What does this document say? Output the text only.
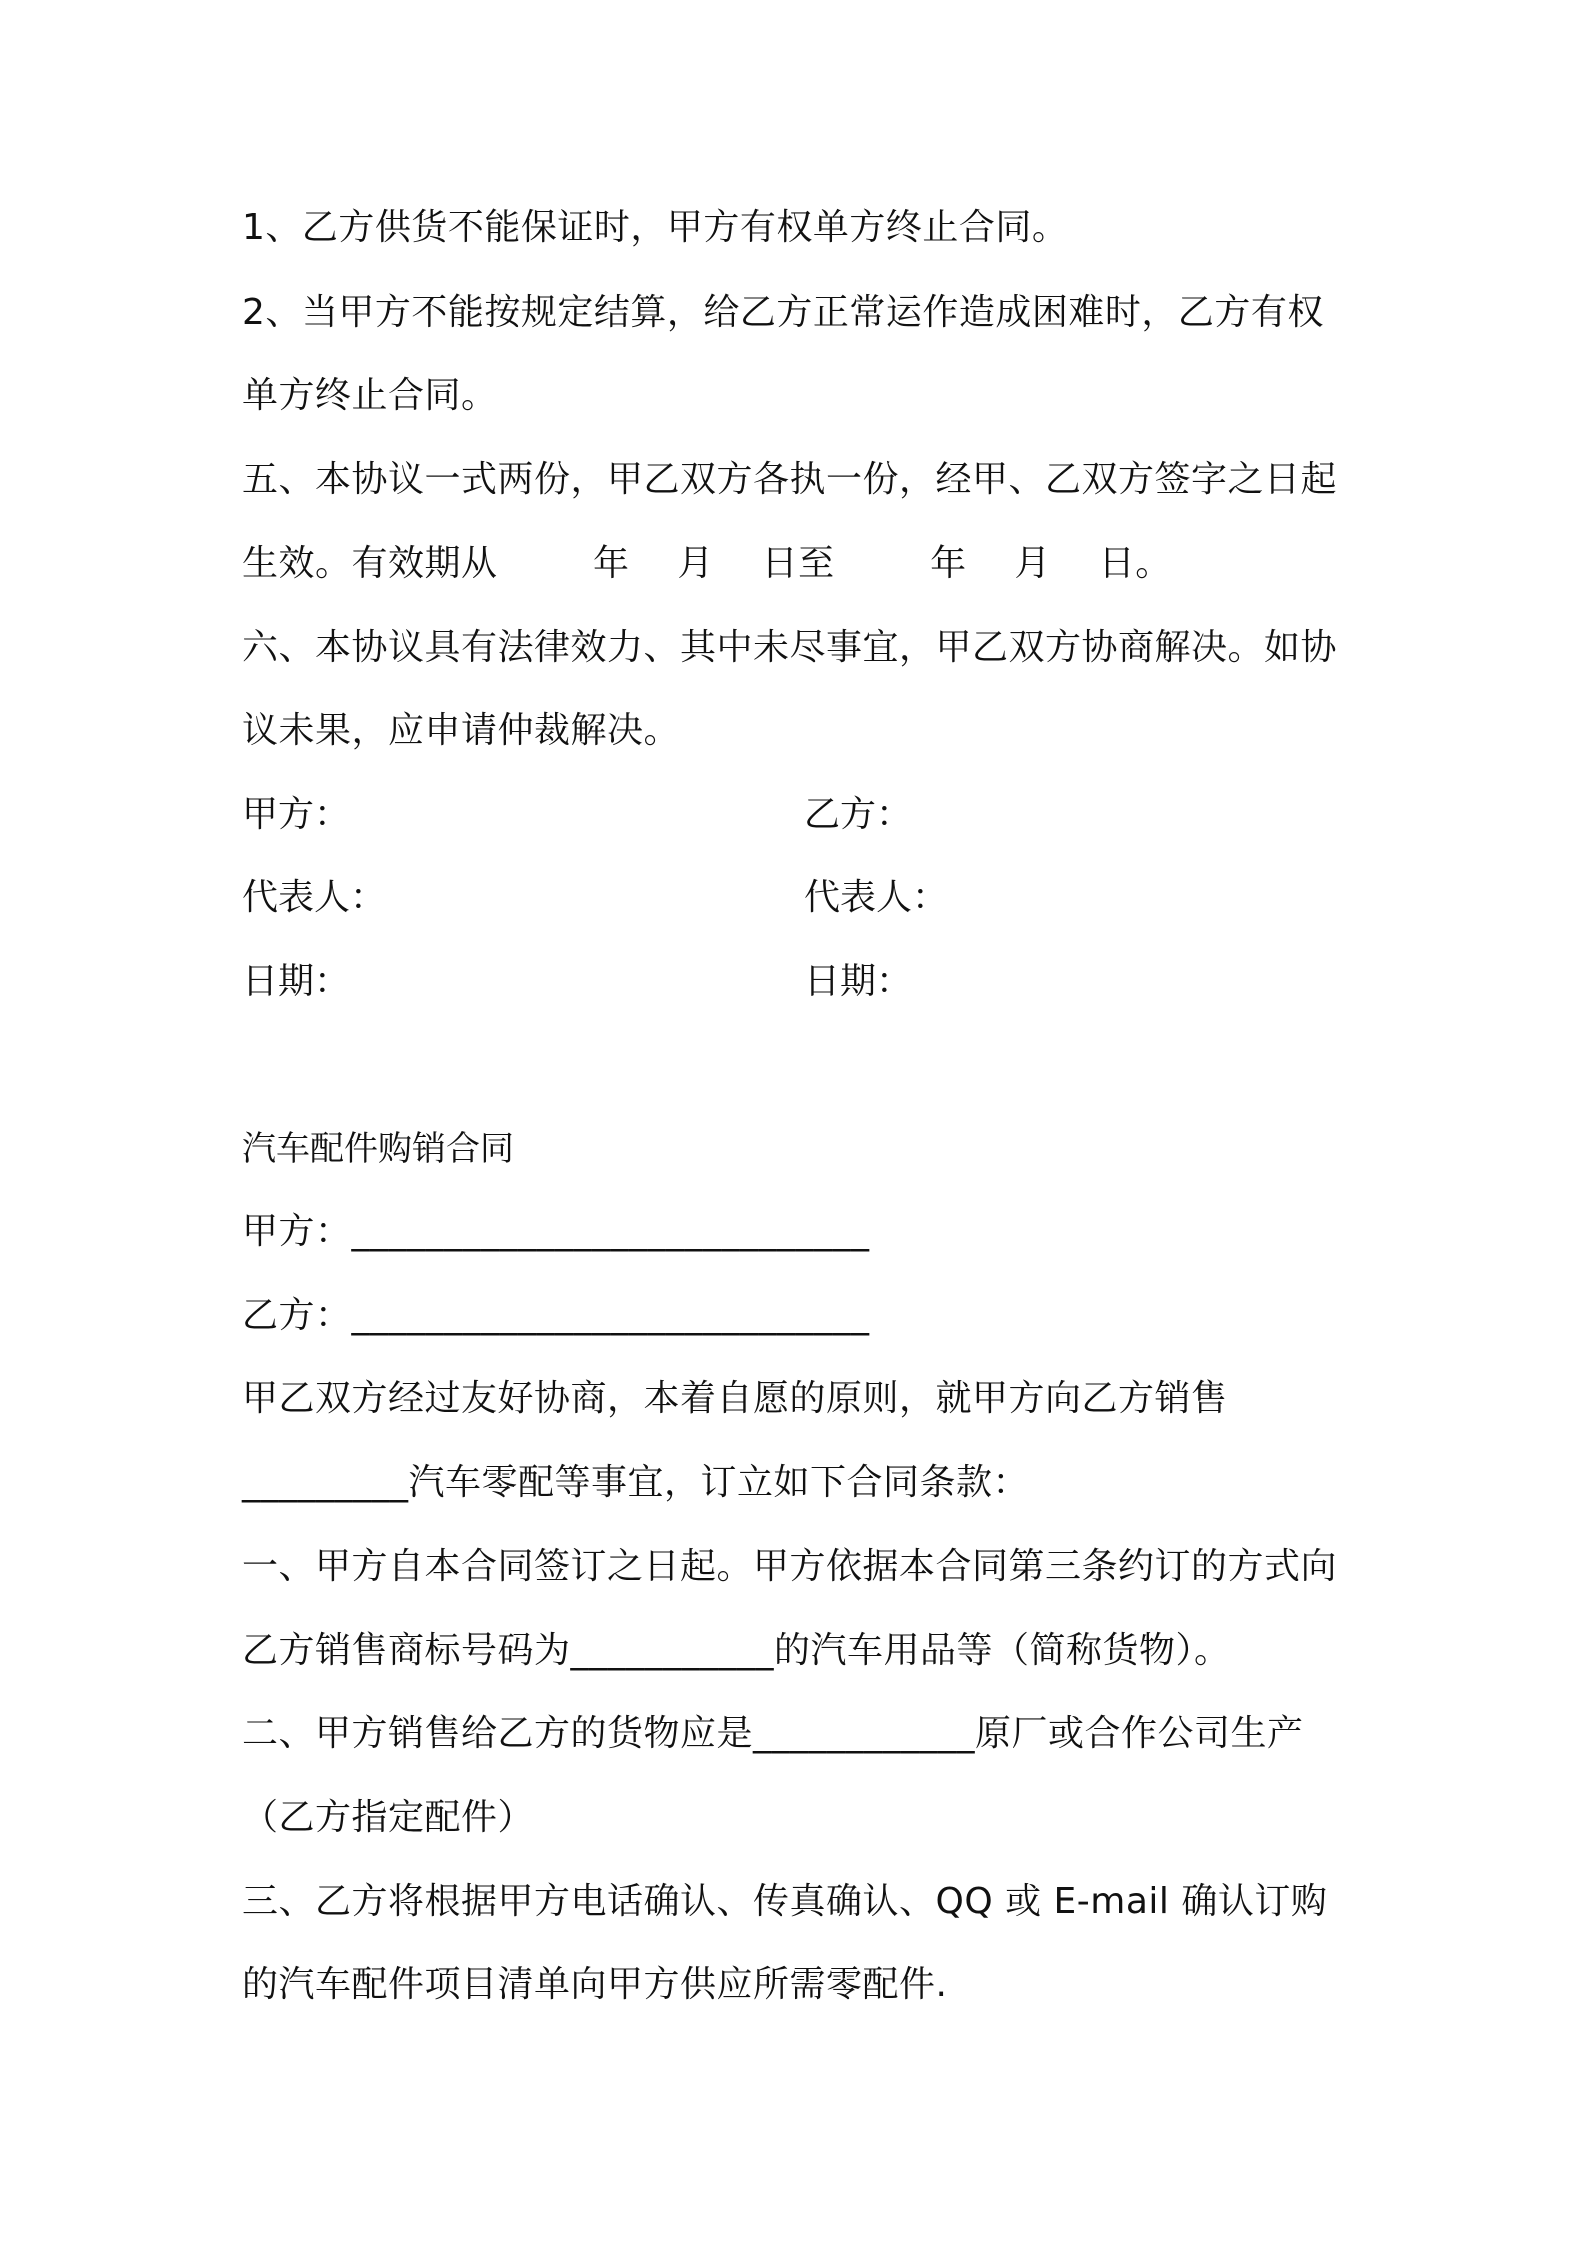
1、乙方供货不能保证时，甲方有权单方终止合同。
2、当甲方不能按规定结算，给乙方正常运作造成困难时，乙方有权
单方终止合同。
五、本协议一式两份，甲乙双方各执一份，经甲、乙双方签字之日起
生效。有效期从        年    月    日至        年    月    日。
六、本协议具有法律效力、其中未尽事宜，甲乙双方协商解决。如协
议未果，应申请仲裁解决。
甲方：	乙方：
代表人：	代表人：
日期：	日期：
汽车配件购销合同
甲方：____________________________
乙方：____________________________
甲乙双方经过友好协商，本着自愿的原则，就甲方向乙方销售
_________汽车零配等事宜，订立如下合同条款：
一、甲方自本合同签订之日起。甲方依据本合同第三条约订的方式向
乙方销售商标号码为___________的汽车用品等（简称货物）。
二、甲方销售给乙方的货物应是____________原厂或合作公司生产
（乙方指定配件）
三、乙方将根据甲方电话确认、传真确认、QQ 或 E-mail 确认订购
的汽车配件项目清单向甲方供应所需零配件.
